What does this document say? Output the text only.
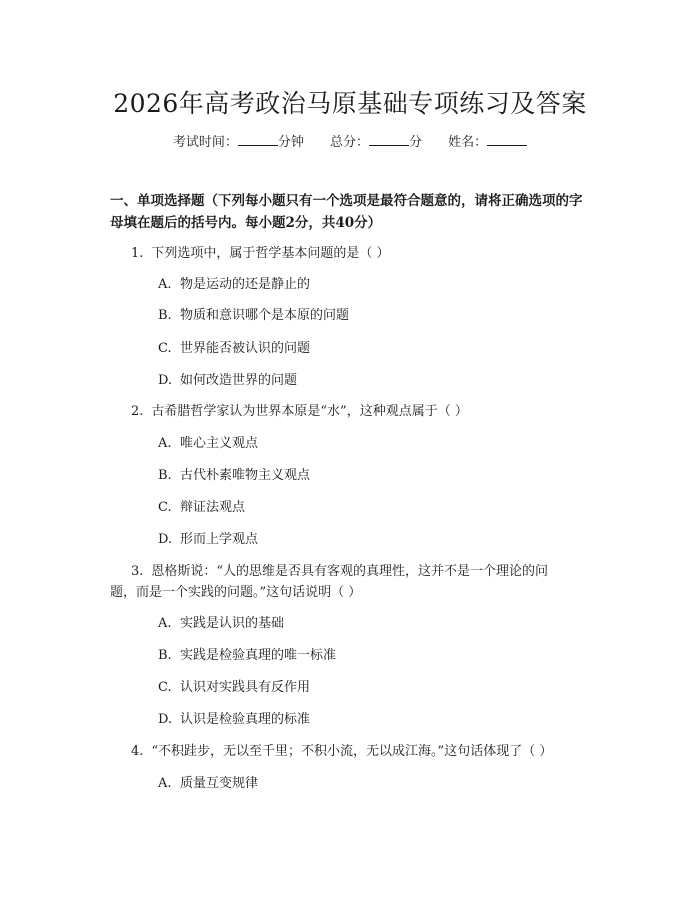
2026年高考政治马原基础专项练习及答案
考试时间：	分钟 总分：	分 姓名：
一、单项选择题（下列每小题只有一个选项是最符合题意的，请将正确选项的字母填在题后的括号内。每小题2分，共40分）
1. 下列选项中，属于哲学基本问题的是（ ）
A. 物是运动的还是静止的
B. 物质和意识哪个是本原的问题
C. 世界能否被认识的问题
D. 如何改造世界的问题
2. 古希腊哲学家认为世界本原是“水”，这种观点属于（ ）
A. 唯心主义观点
B. 古代朴素唯物主义观点
C. 辩证法观点
D. 形而上学观点
3. 恩格斯说：“人的思维是否具有客观的真理性，这并不是一个理论的问
题，而是一个实践的问题。”这句话说明（ ）
A. 实践是认识的基础
B. 实践是检验真理的唯一标准
C. 认识对实践具有反作用
D. 认识是检验真理的标准
4. “不积跬步，无以至千里；不积小流，无以成江海。”这句话体现了（ ）
A. 质量互变规律
